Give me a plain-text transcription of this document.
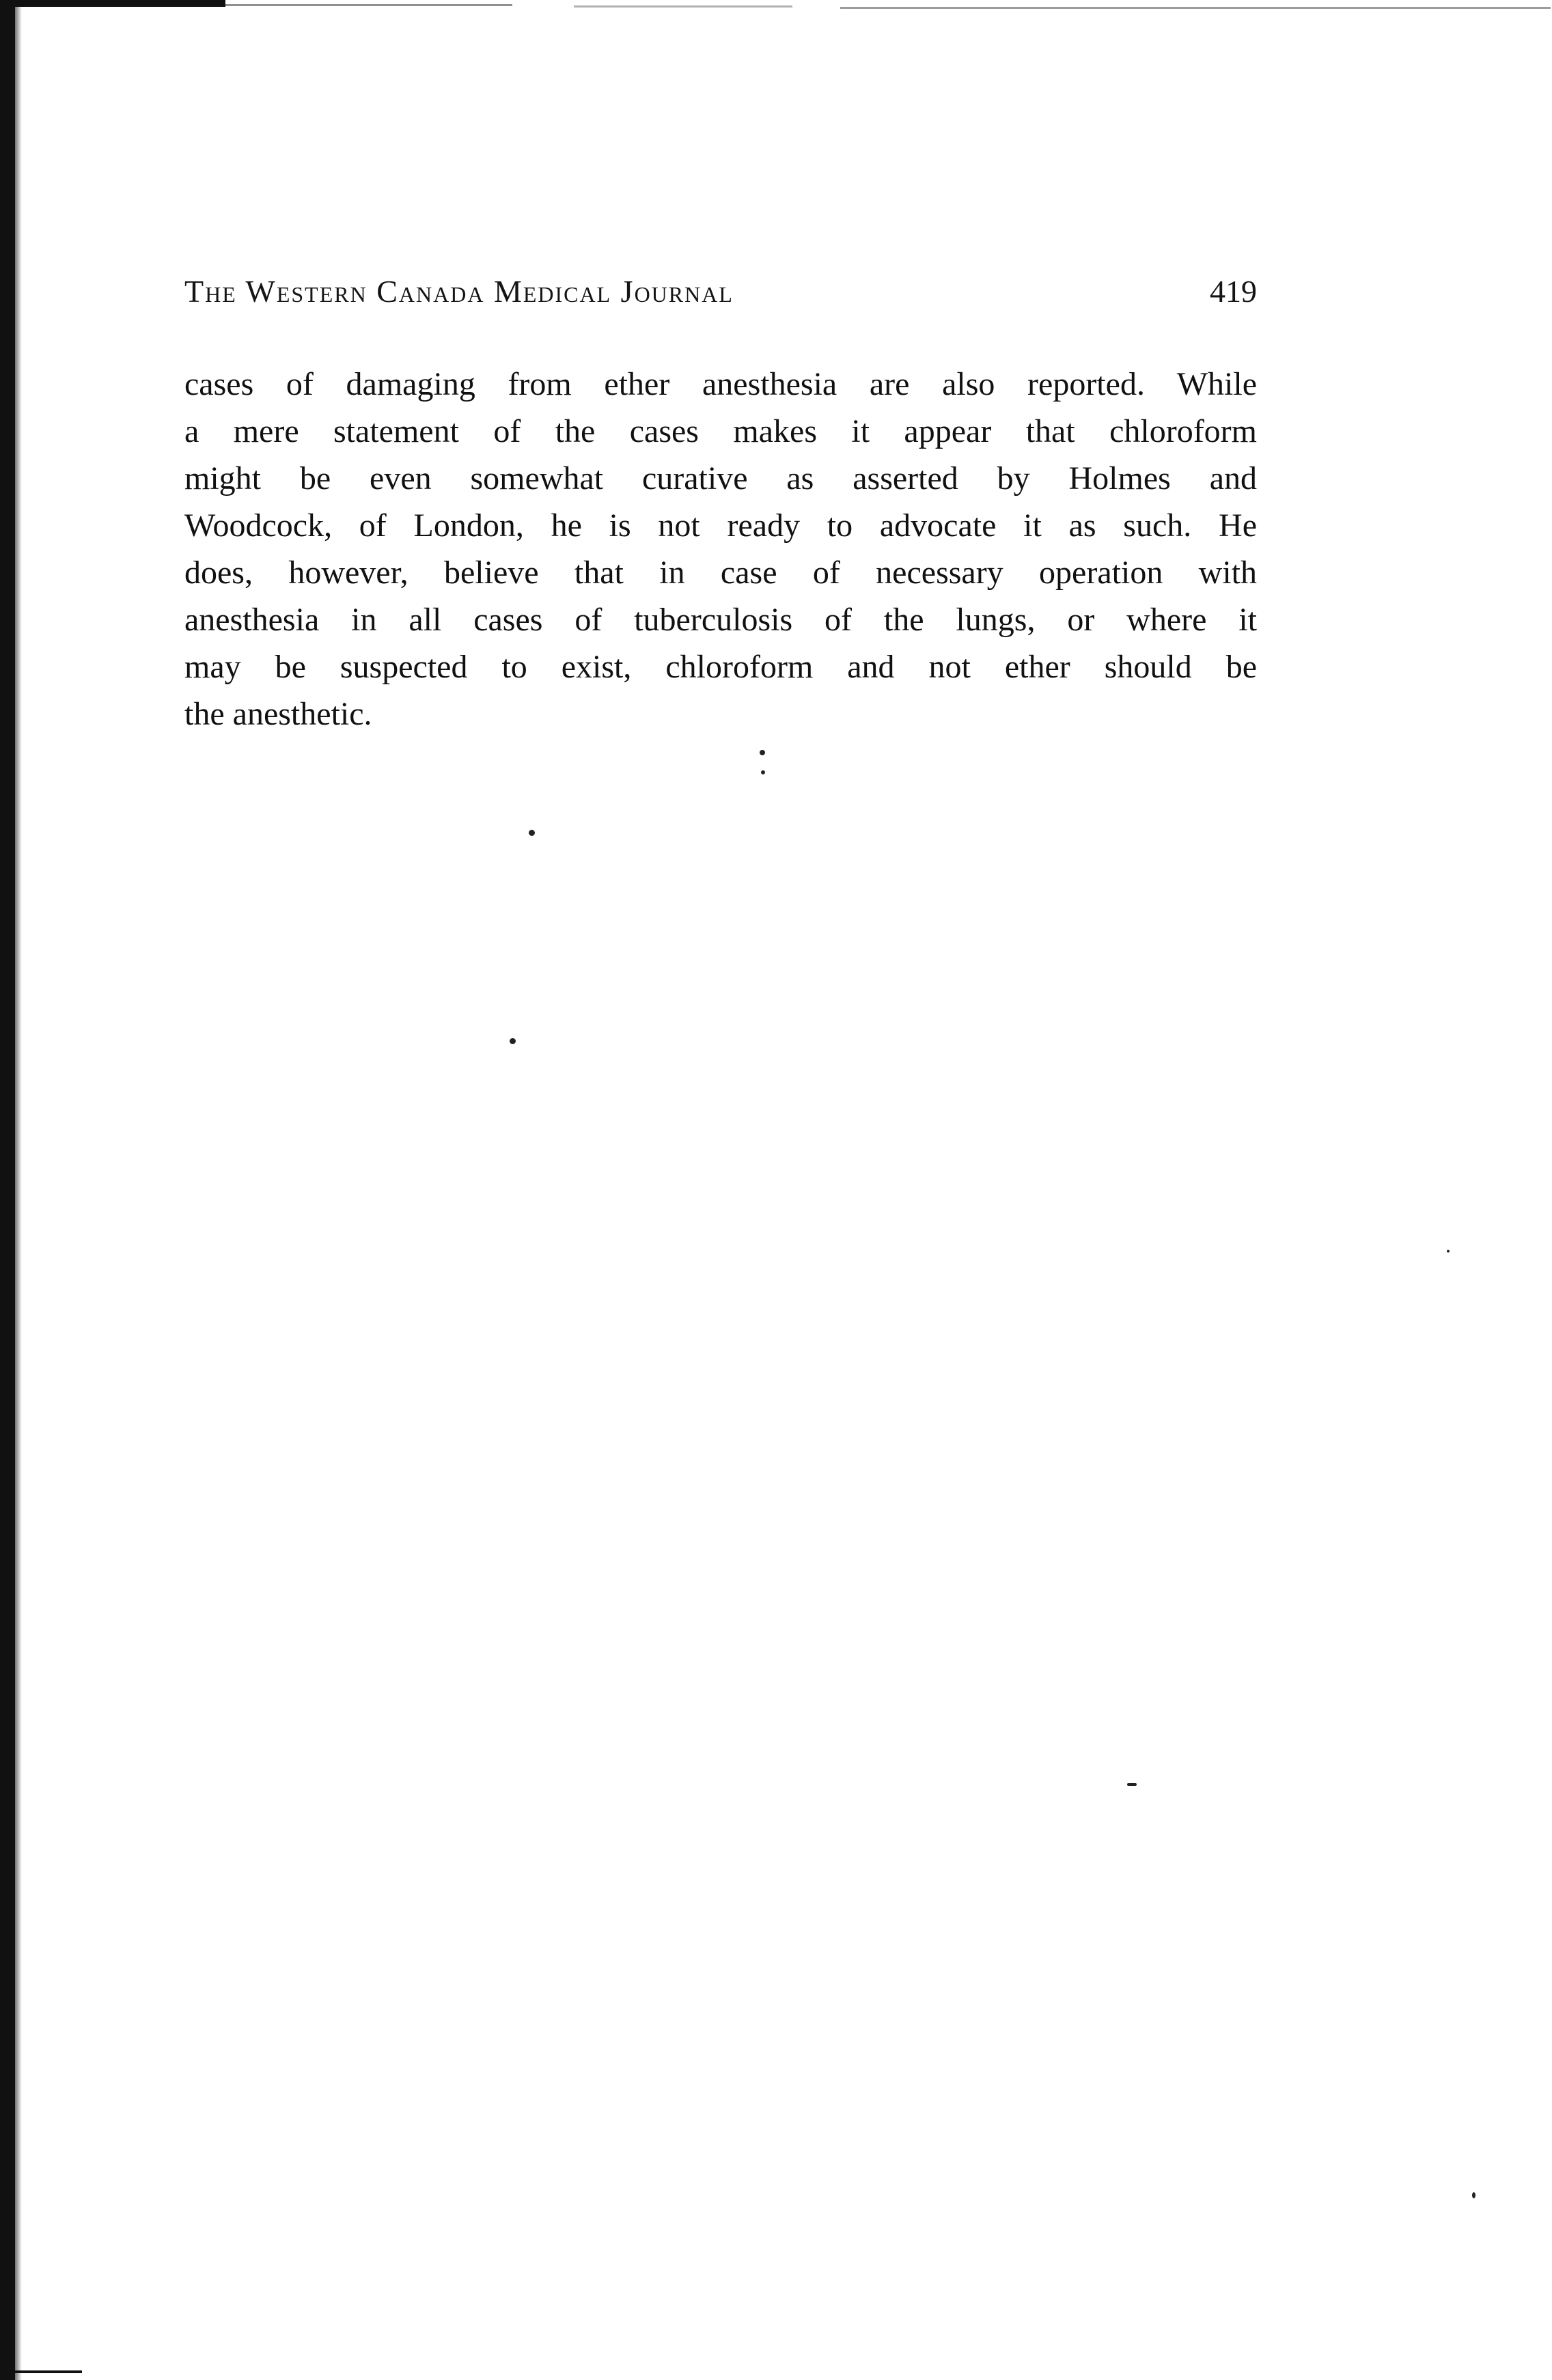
The Western Canada Medical Journal	419
cases of damaging from ether anesthesia are also reported. While
a mere statement of the cases makes it appear that chloroform
might be even somewhat curative as asserted by Holmes and
Woodcock, of London, he is not ready to advocate it as such. He
does, however, believe that in case of necessary operation with
anesthesia in all cases of tuberculosis of the lungs, or where it
may be suspected to exist, chloroform and not ether should be
the anesthetic.
